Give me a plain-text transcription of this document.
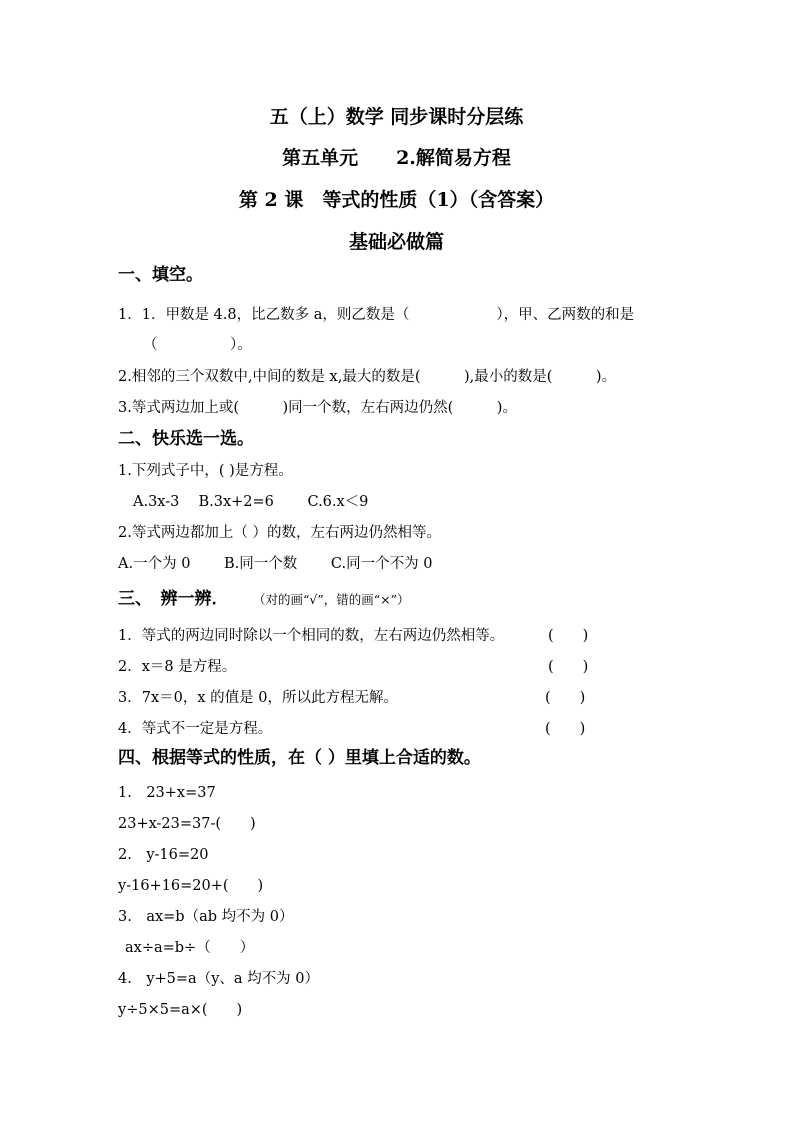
五（上）数学 同步课时分层练
第五单元　　2.解简易方程
第 2 课　等式的性质（1）（含答案）
基础必做篇
一、填空。
1．1．甲数是 4.8，比乙数多 a，则乙数是（　　　　　　），甲、乙两数的和是
（　　　　　）。
2.相邻的三个双数中,中间的数是 x,最大的数是(　　　),最小的数是(　　　)。
3.等式两边加上或(　　　)同一个数，左右两边仍然(　　　)。
二、快乐选一选。
1.下列式子中，( )是方程。
A.3x-3　 B.3x+2=6　 　C.6.x＜9
2.等式两边都加上（ ）的数，左右两边仍然相等。
A.一个为 0　　 B.同一个数　　 C.同一个不为 0
三、　辨一辨． （对的画“√”，错的画“×”）
1．等式的两边同时除以一个相同的数，左右两边仍然相等。	(　　)
2．x＝8 是方程。	(　　)
3．7x＝0，x 的值是 0，所以此方程无解。	(　　)
4．等式不一定是方程。	(　　)
四、根据等式的性质，在（ ）里填上合适的数。
1.　23+x=37
23+x-23=37-(　　)
2.　y-16=20
y-16+16=20+(　　)
3.　ax=b（ab 均不为 0）
ax÷a=b÷（　　）
4.　y+5=a（y、a 均不为 0）
y÷5×5=a×(　　)
